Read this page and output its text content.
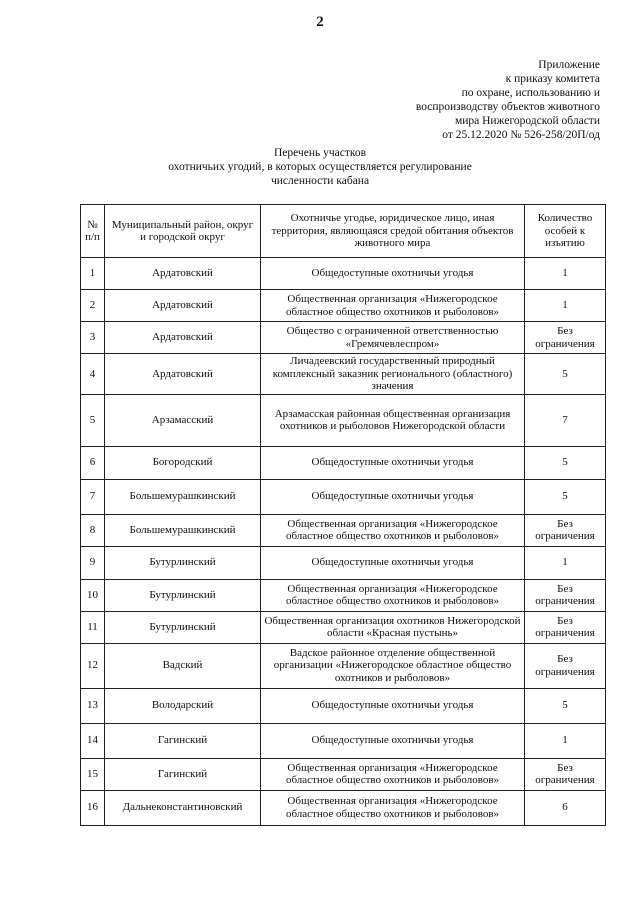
2
Приложение
к приказу комитета
по охране, использованию и
воспроизводству объектов животного
мира Нижегородской области
от 25.12.2020 № 526-258/20П/од
Перечень участков
охотничьих угодий, в которых осуществляется регулирование
численности кабана
№ п/п	Муниципальный район, округ и городской округ	Охотничье угодье, юридическое лицо, иная территория, являющаяся средой обитания объектов животного мира	Количество особей к изъятию
1	Ардатовский	Общедоступные охотничьи угодья	1
2	Ардатовский	Общественная организация «Нижегородское областное общество охотников и рыболовов»	1
3	Ардатовский	Общество с ограниченной ответственностью «Гремячевлеспром»	Без ограничения
4	Ардатовский	Личадеевский государственный природный комплексный заказник регионального (областного) значения	5
5	Арзамасский	Арзамасская районная общественная организация охотников и рыболовов Нижегородской области	7
6	Богородский	Общедоступные охотничьи угодья	5
7	Большемурашкинский	Общедоступные охотничьи угодья	5
8	Большемурашкинский	Общественная организация «Нижегородское областное общество охотников и рыболовов»	Без ограничения
9	Бутурлинский	Общедоступные охотничьи угодья	1
10	Бутурлинский	Общественная организация «Нижегородское областное общество охотников и рыболовов»	Без ограничения
11	Бутурлинский	Общественная организация охотников Нижегородской области «Красная пустынь»	Без ограничения
12	Вадский	Вадское районное отделение общественной организации «Нижегородское областное общество охотников и рыболовов»	Без ограничения
13	Володарский	Общедоступные охотничьи угодья	5
14	Гагинский	Общедоступные охотничьи угодья	1
15	Гагинский	Общественная организация «Нижегородское областное общество охотников и рыболовов»	Без ограничения
16	Дальнеконстантиновский	Общественная организация «Нижегородское областное общество охотников и рыболовов»	6
